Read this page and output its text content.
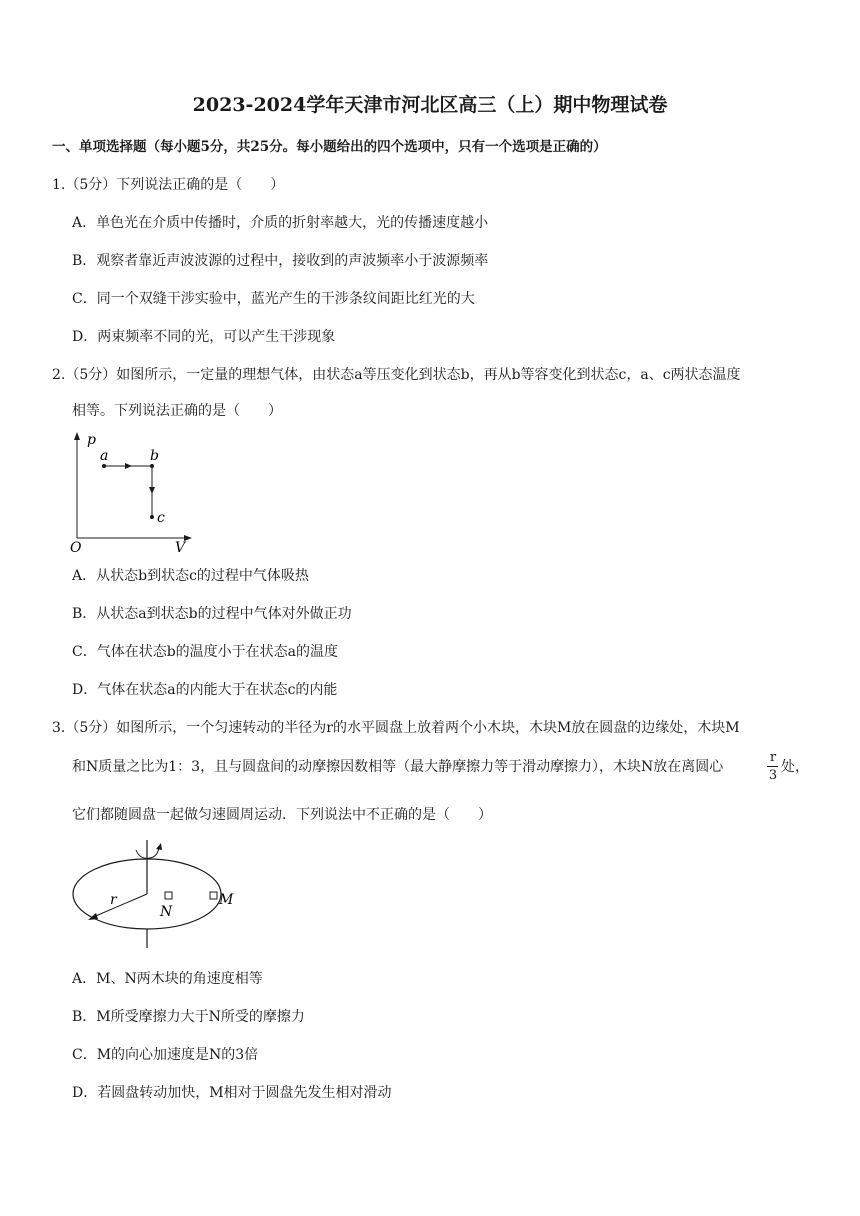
2023-2024学年天津市河北区高三（上）期中物理试卷
一、单项选择题（每小题5分，共25分。每小题给出的四个选项中，只有一个选项是正确的）
1.（5分）下列说法正确的是（　　）
A．单色光在介质中传播时，介质的折射率越大，光的传播速度越小
B．观察者靠近声波波源的过程中，接收到的声波频率小于波源频率
C．同一个双缝干涉实验中，蓝光产生的干涉条纹间距比红光的大
D．两束频率不同的光，可以产生干涉现象
2.（5分）如图所示，一定量的理想气体，由状态a等压变化到状态b，再从b等容变化到状态c，a、c两状态温度
相等。下列说法正确的是（　　）
p
V
O
a	b
c
A．从状态b到状态c的过程中气体吸热
B．从状态a到状态b的过程中气体对外做正功
C．气体在状态b的温度小于在状态a的温度
D．气体在状态a的内能大于在状态c的内能
3.（5分）如图所示，一个匀速转动的半径为r的水平圆盘上放着两个小木块，木块M放在圆盘的边缘处，木块M
和N质量之比为1：3，且与圆盘间的动摩擦因数相等（最大静摩擦力等于滑动摩擦力），木块N放在离圆心
r
3
处，
它们都随圆盘一起做匀速圆周运动．下列说法中不正确的是（　　）
r
N
M
A．M、N两木块的角速度相等
B．M所受摩擦力大于N所受的摩擦力
C．M的向心加速度是N的3倍
D．若圆盘转动加快，M相对于圆盘先发生相对滑动
